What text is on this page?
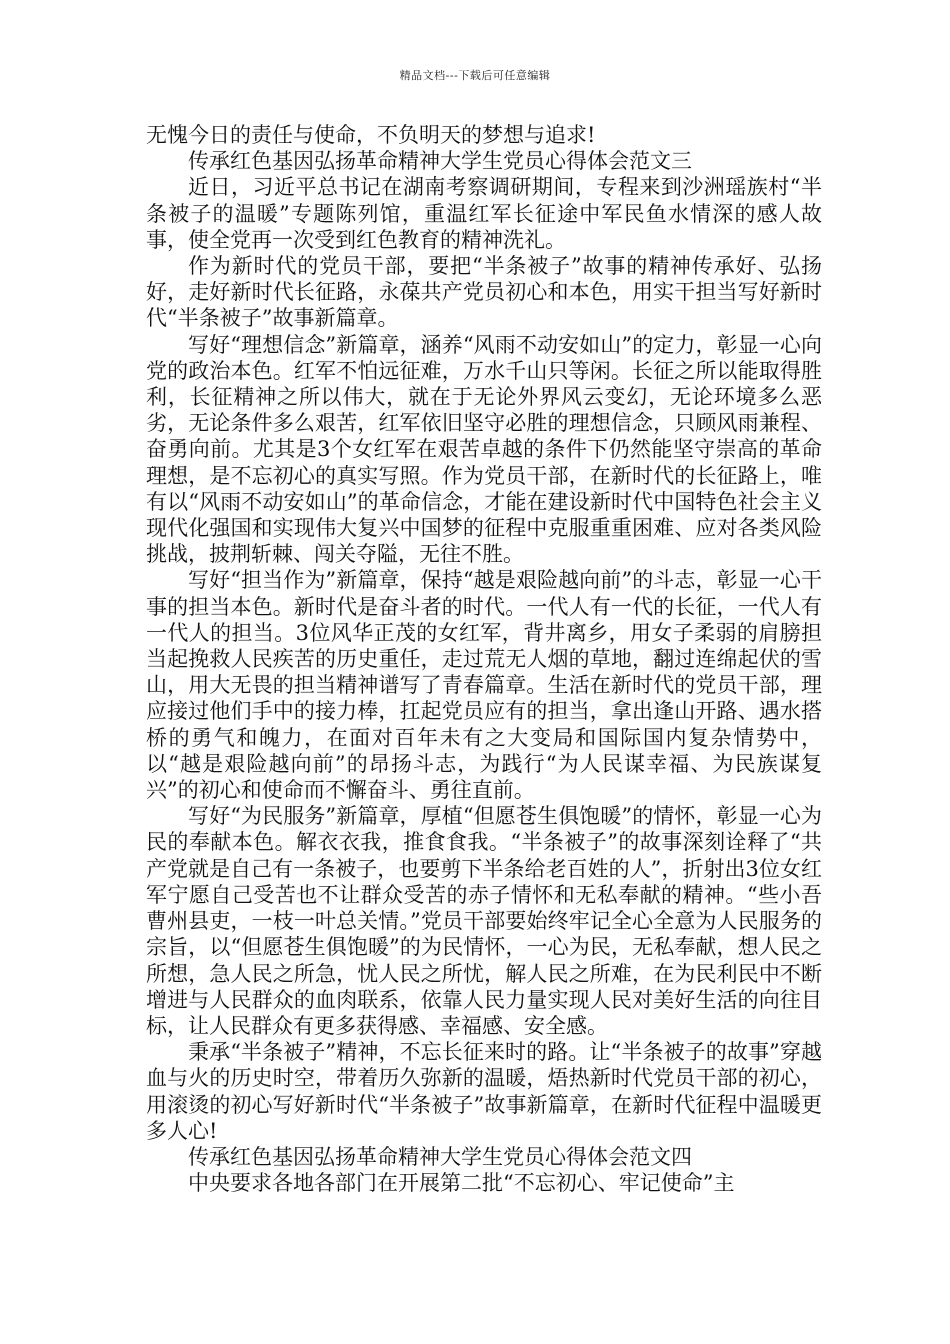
精品文档---下载后可任意编辑

无愧今日的责任与使命，不负明天的梦想与追求!

传承红色基因弘扬革命精神大学生党员心得体会范文三

近日，习近平总书记在湖南考察调研期间，专程来到沙洲瑶族村“半条被子的温暖”专题陈列馆，重温红军长征途中军民鱼水情深的感人故事，使全党再一次受到红色教育的精神洗礼。

作为新时代的党员干部，要把“半条被子”故事的精神传承好、弘扬好，走好新时代长征路，永葆共产党员初心和本色，用实干担当写好新时代“半条被子”故事新篇章。

写好“理想信念”新篇章，涵养“风雨不动安如山”的定力，彰显一心向党的政治本色。红军不怕远征难，万水千山只等闲。长征之所以能取得胜利，长征精神之所以伟大，就在于无论外界风云变幻，无论环境多么恶劣，无论条件多么艰苦，红军依旧坚守必胜的理想信念，只顾风雨兼程、奋勇向前。尤其是3个女红军在艰苦卓越的条件下仍然能坚守崇高的革命理想，是不忘初心的真实写照。作为党员干部，在新时代的长征路上，唯有以“风雨不动安如山”的革命信念，才能在建设新时代中国特色社会主义现代化强国和实现伟大复兴中国梦的征程中克服重重困难、应对各类风险挑战，披荆斩棘、闯关夺隘，无往不胜。

写好“担当作为”新篇章，保持“越是艰险越向前”的斗志，彰显一心干事的担当本色。新时代是奋斗者的时代。一代人有一代的长征，一代人有一代人的担当。3位风华正茂的女红军，背井离乡，用女子柔弱的肩膀担当起挽救人民疾苦的历史重任，走过荒无人烟的草地，翻过连绵起伏的雪山，用大无畏的担当精神谱写了青春篇章。生活在新时代的党员干部，理应接过他们手中的接力棒，扛起党员应有的担当，拿出逢山开路、遇水搭桥的勇气和魄力，在面对百年未有之大变局和国际国内复杂情势中，以“越是艰险越向前”的昂扬斗志，为践行“为人民谋幸福、为民族谋复兴”的初心和使命而不懈奋斗、勇往直前。

写好“为民服务”新篇章，厚植“但愿苍生俱饱暖”的情怀，彰显一心为民的奉献本色。解衣衣我，推食食我。“半条被子”的故事深刻诠释了“共产党就是自己有一条被子，也要剪下半条给老百姓的人”，折射出3位女红军宁愿自己受苦也不让群众受苦的赤子情怀和无私奉献的精神。“些小吾曹州县吏，一枝一叶总关情。”党员干部要始终牢记全心全意为人民服务的宗旨，以“但愿苍生俱饱暖”的为民情怀，一心为民，无私奉献，想人民之所想，急人民之所急，忧人民之所忧，解人民之所难，在为民利民中不断增进与人民群众的血肉联系，依靠人民力量实现人民对美好生活的向往目标，让人民群众有更多获得感、幸福感、安全感。

秉承“半条被子”精神，不忘长征来时的路。让“半条被子的故事”穿越血与火的历史时空，带着历久弥新的温暖，焐热新时代党员干部的初心，用滚烫的初心写好新时代“半条被子”故事新篇章，在新时代征程中温暖更多人心!

传承红色基因弘扬革命精神大学生党员心得体会范文四

中央要求各地各部门在开展第二批“不忘初心、牢记使命”主
